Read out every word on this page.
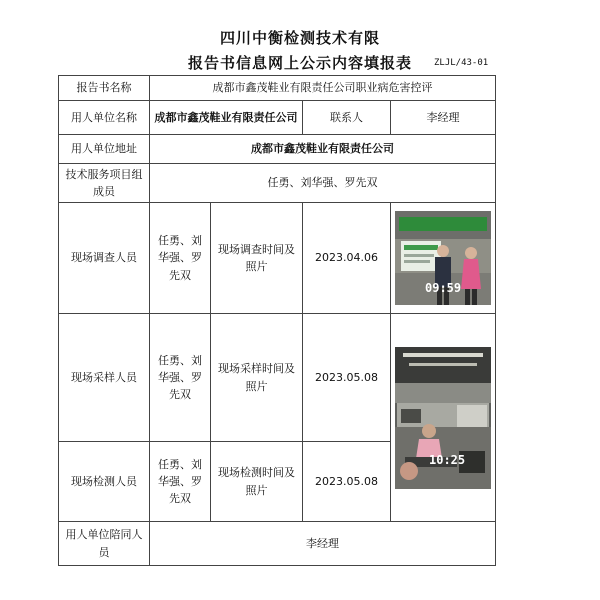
四川中衡检测技术有限
报告书信息网上公示内容填报表	ZLJL/43-01
报告书名称	成都市鑫茂鞋业有限责任公司职业病危害控评			
用人单位名称	成都市鑫茂鞋业有限责任公司		联系人	李经理
用人单位地址	成都市鑫茂鞋业有限责任公司			
技术服务项目组成员	任勇、刘华强、罗先双			
现场调查人员	任勇、刘华强、罗先双	现场调查时间及照片	2023.04.06	09:59

现场采样人员	任勇、刘华强、罗先双	现场采样时间及照片	2023.05.08	10:25

现场检测人员	任勇、刘华强、罗先双	现场检测时间及照片	2023.05.08	
用人单位陪同人员	李经理			
